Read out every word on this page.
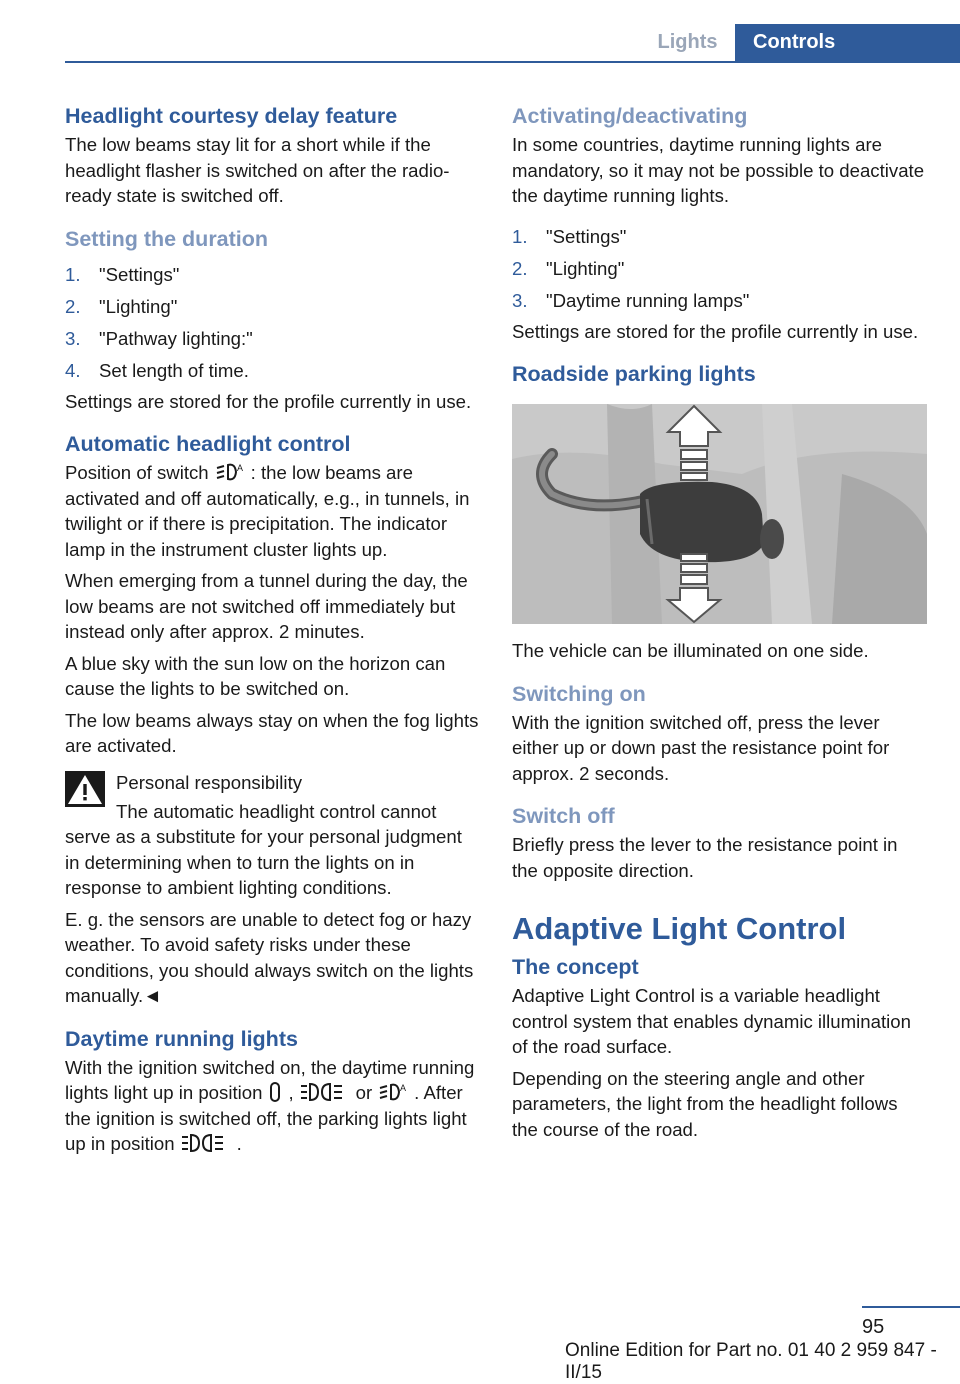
Lights	Controls
Headlight courtesy delay feature

The low beams stay lit for a short while if the headlight flasher is switched on after the radio-ready state is switched off.

Setting the duration
1. "Settings"
2. "Lighting"
3. "Pathway lighting:"
4. Set length of time.

Settings are stored for the profile currently in use.

Automatic headlight control

Position of switch	A : the low beams are activated and off automatically, e.g., in tunnels, in twilight or if there is precipitation. The indicator lamp in the instrument cluster lights up.

When emerging from a tunnel during the day, the low beams are not switched off immediately but instead only after approx. 2 minutes.

A blue sky with the sun low on the horizon can cause the lights to be switched on.

The low beams always stay on when the fog lights are activated.

Personal responsibility

The automatic headlight control cannot serve as a substitute for your personal judgment in determining when to turn the lights on in response to ambient lighting conditions.

E. g. the sensors are unable to detect fog or hazy weather. To avoid safety risks under these conditions, you should always switch on the lights manually.◄

Daytime running lights

With the ignition switched on, the daytime running lights light up in position ,	or	A . After the ignition is switched off, the parking lights light up in position	.

Activating/deactivating

In some countries, daytime running lights are mandatory, so it may not be possible to deactivate the daytime running lights.

1. "Settings"
2. "Lighting"
3. "Daytime running lamps"

Settings are stored for the profile currently in use.

Roadside parking lights

The vehicle can be illuminated on one side.

Switching on

With the ignition switched off, press the lever either up or down past the resistance point for approx. 2 seconds.

Switch off

Briefly press the lever to the resistance point in the opposite direction.

Adaptive Light Control
The concept

Adaptive Light Control is a variable headlight control system that enables dynamic illumination of the road surface.

Depending on the steering angle and other parameters, the light from the headlight follows the course of the road.

95
Online Edition for Part no. 01 40 2 959 847 - II/15
